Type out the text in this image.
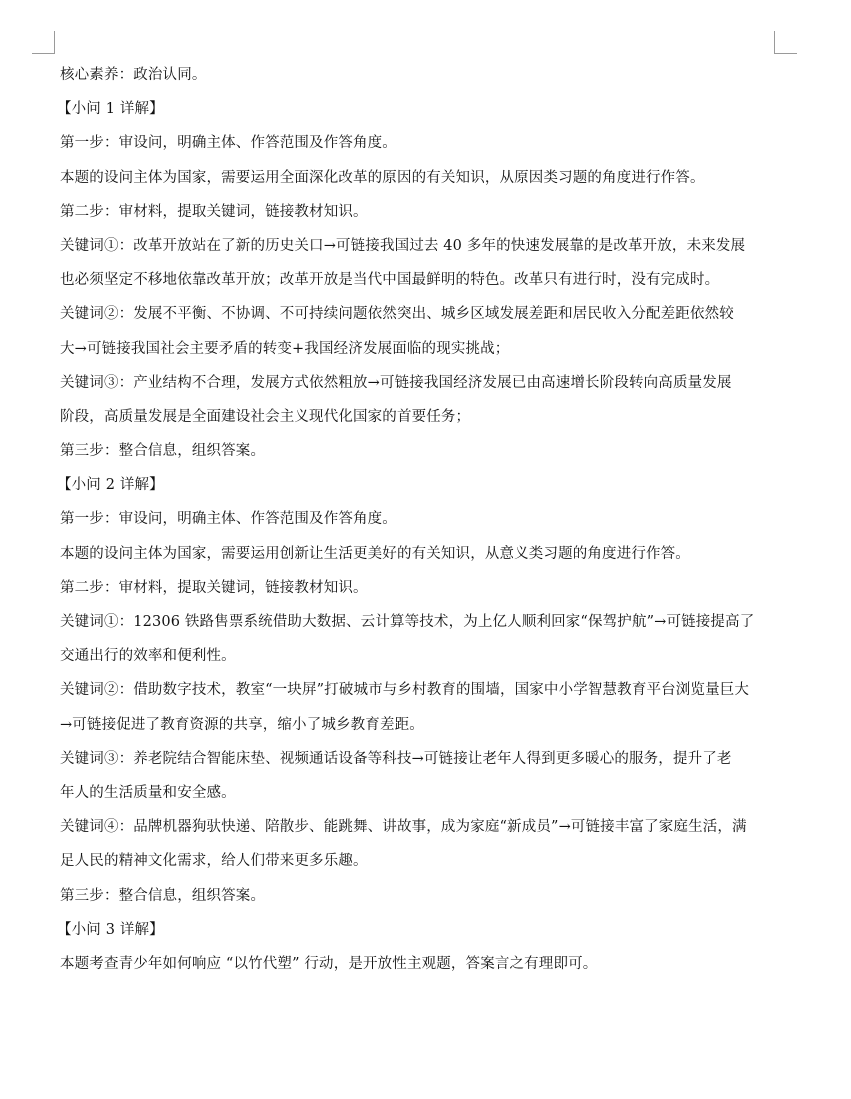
核心素养：政治认同。
【小问 1 详解】
第一步：审设问，明确主体、作答范围及作答角度。
本题的设问主体为国家，需要运用全面深化改革的原因的有关知识，从原因类习题的角度进行作答。
第二步：审材料，提取关键词，链接教材知识。
关键词①：改革开放站在了新的历史关口→可链接我国过去 40 多年的快速发展靠的是改革开放，未来发展
也必须坚定不移地依靠改革开放；改革开放是当代中国最鲜明的特色。改革只有进行时，没有完成时。
关键词②：发展不平衡、不协调、不可持续问题依然突出、城乡区域发展差距和居民收入分配差距依然较
大→可链接我国社会主要矛盾的转变+我国经济发展面临的现实挑战；
关键词③：产业结构不合理，发展方式依然粗放→可链接我国经济发展已由高速增长阶段转向高质量发展
阶段，高质量发展是全面建设社会主义现代化国家的首要任务；
第三步：整合信息，组织答案。
【小问 2 详解】
第一步：审设问，明确主体、作答范围及作答角度。
本题的设问主体为国家，需要运用创新让生活更美好的有关知识，从意义类习题的角度进行作答。
第二步：审材料，提取关键词，链接教材知识。
关键词①：12306 铁路售票系统借助大数据、云计算等技术，为上亿人顺利回家“保驾护航”→可链接提高了
交通出行的效率和便利性。
关键词②：借助数字技术，教室“一块屏”打破城市与乡村教育的围墙，国家中小学智慧教育平台浏览量巨大
→可链接促进了教育资源的共享，缩小了城乡教育差距。
关键词③：养老院结合智能床垫、视频通话设备等科技→可链接让老年人得到更多暖心的服务，提升了老
年人的生活质量和安全感。
关键词④：品牌机器狗驮快递、陪散步、能跳舞、讲故事，成为家庭“新成员”→可链接丰富了家庭生活，满
足人民的精神文化需求，给人们带来更多乐趣。
第三步：整合信息，组织答案。
【小问 3 详解】
本题考查青少年如何响应 “以竹代塑” 行动，是开放性主观题，答案言之有理即可。
